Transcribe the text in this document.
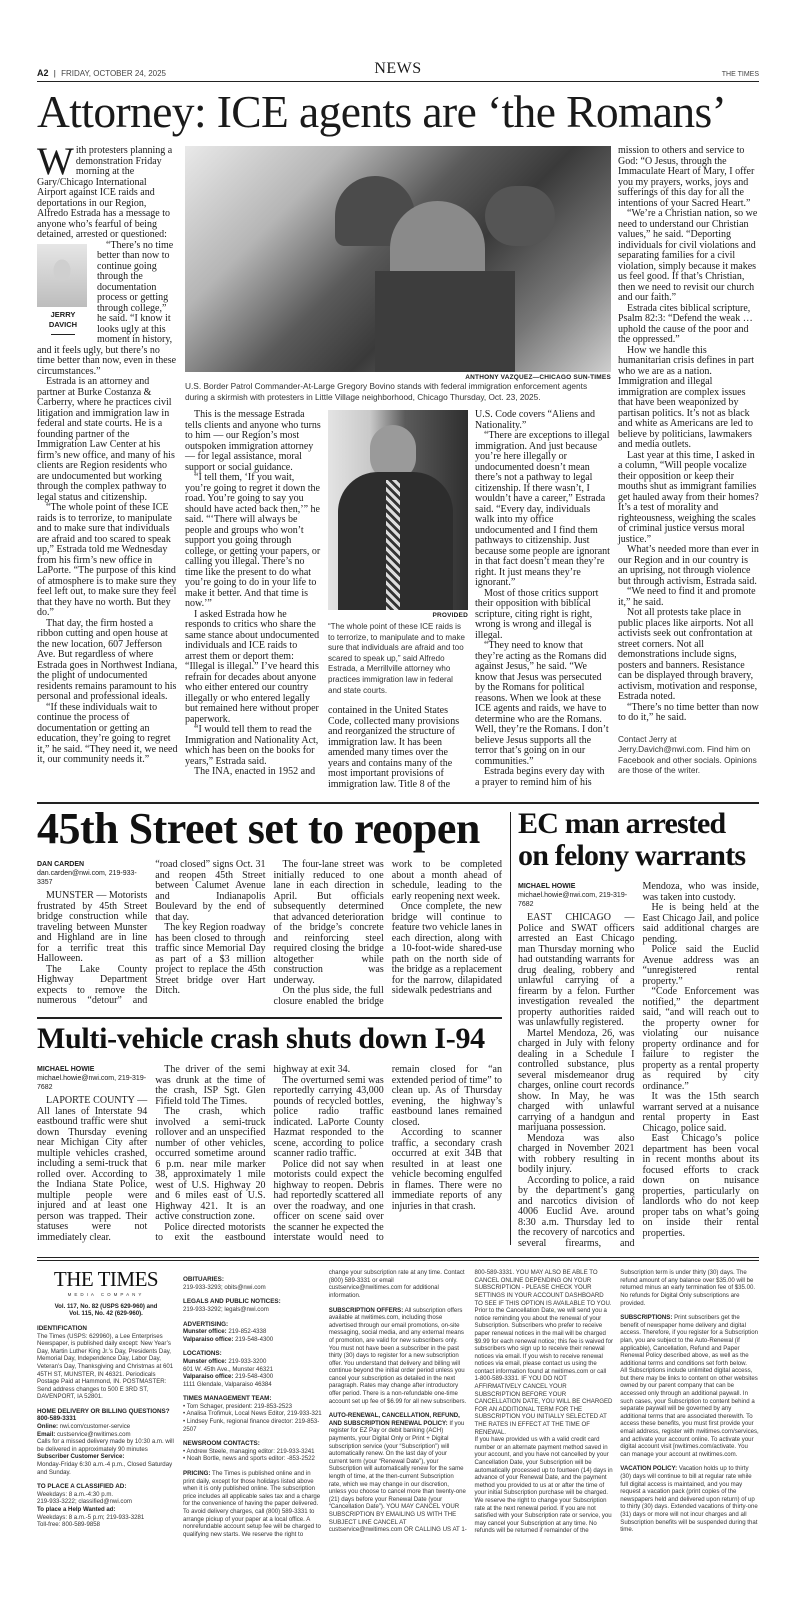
A2 | FRIDAY, OCTOBER 24, 2025	NEWS	THE TIMES
Attorney: ICE agents are ‘the Romans’

With protesters planning a demonstration Friday morning at the Gary/Chicago International Airport against ICE raids and deportations in our Region, Alfredo Estrada has a message to anyone who’s fearful of being detained, arrested or questioned:

JERRY
DAVICH

“There’s no time better than now to continue going through the documentation process or getting through college,” he said. “I know it looks ugly at this moment in history, and it feels ugly, but there’s no time better than now, even in these circumstances.”

Estrada is an attorney and partner at Burke Costanza & Carberry, where he practices civil litigation and immigration law in federal and state courts. He is a founding partner of the Immigration Law Center at his firm’s new office, and many of his clients are Region residents who are undocumented but working through the complex pathway to legal status and citizenship.

“The whole point of these ICE raids is to terrorize, to manipulate and to make sure that individuals are afraid and too scared to speak up,” Estrada told me Wednesday from his firm’s new office in LaPorte. “The purpose of this kind of atmosphere is to make sure they feel left out, to make sure they feel that they have no worth. But they do.”

That day, the firm hosted a ribbon cutting and open house at the new location, 607 Jefferson Ave. But regardless of where Estrada goes in Northwest Indiana, the plight of undocumented residents remains paramount to his personal and professional ideals.

“If these individuals wait to continue the process of documentation or getting an education, they’re going to regret it,” he said. “They need it, we need it, our community needs it.”

ANTHONY VAZQUEZ—CHICAGO SUN-TIMES
U.S. Border Patrol Commander-At-Large Gregory Bovino stands with federal immigration enforcement agents during a skirmish with protesters in Little Village neighborhood, Chicago Thursday, Oct. 23, 2025.

This is the message Estrada tells clients and anyone who turns to him — our Region’s most outspoken immigration attorney — for legal assistance, moral support or social guidance.

“I tell them, ‘If you wait, you’re going to regret it down the road. You’re going to say you should have acted back then,’” he said. “‘There will always be people and groups who won’t support you going through college, or getting your papers, or calling you illegal. There’s no time like the present to do what you’re going to do in your life to make it better. And that time is now.’”

I asked Estrada how he responds to critics who share the same stance about undocumented individuals and ICE raids to arrest them or deport them: “Illegal is illegal.” I’ve heard this refrain for decades about anyone who either entered our country illegally or who entered legally but remained here without proper paperwork.

“I would tell them to read the Immigration and Nationality Act, which has been on the books for years,” Estrada said.

The INA, enacted in 1952 and

PROVIDED
“The whole point of these ICE raids is to terrorize, to manipulate and to make sure that individuals are afraid and too scared to speak up,” said Alfredo Estrada, a Merrillville attorney who practices immigration law in federal and state courts.

contained in the United States Code, collected many provisions and reorganized the structure of immigration law. It has been amended many times over the years and contains many of the most important provisions of immigration law. Title 8 of the

U.S. Code covers “Aliens and Nationality.”

“There are exceptions to illegal immigration. And just because you’re here illegally or undocumented doesn’t mean there’s not a pathway to legal citizenship. If there wasn’t, I wouldn’t have a career,” Estrada said. “Every day, individuals walk into my office undocumented and I find them pathways to citizenship. Just because some people are ignorant in that fact doesn’t mean they’re right. It just means they’re ignorant.”

Most of those critics support their opposition with biblical scripture, citing right is right, wrong is wrong and illegal is illegal.

“They need to know that they’re acting as the Romans did against Jesus,” he said. “We know that Jesus was persecuted by the Romans for political reasons. When we look at these ICE agents and raids, we have to determine who are the Romans. Well, they’re the Romans. I don’t believe Jesus supports all the terror that’s going on in our communities.”

Estrada begins every day with a prayer to remind him of his

mission to others and service to God: “O Jesus, through the Immaculate Heart of Mary, I offer you my prayers, works, joys and sufferings of this day for all the intentions of your Sacred Heart.”

“We’re a Christian nation, so we need to understand our Christian values,” he said. “Deporting individuals for civil violations and separating families for a civil violation, simply because it makes us feel good. If that’s Christian, then we need to revisit our church and our faith.”

Estrada cites biblical scripture, Psalm 82:3: “Defend the weak … uphold the cause of the poor and the oppressed.”

How we handle this humanitarian crisis defines in part who we are as a nation. Immigration and illegal immigration are complex issues that have been weaponized by partisan politics. It’s not as black and white as Americans are led to believe by politicians, lawmakers and media outlets.

Last year at this time, I asked in a column, “Will people vocalize their opposition or keep their mouths shut as immigrant families get hauled away from their homes? It’s a test of morality and righteousness, weighing the scales of criminal justice versus moral justice.”

What’s needed more than ever in our Region and in our country is an uprising, not through violence but through activism, Estrada said.

“We need to find it and promote it,” he said.

Not all protests take place in public places like airports. Not all activists seek out confrontation at street corners. Not all demonstrations include signs, posters and banners. Resistance can be displayed through bravery, activism, motivation and response, Estrada noted.

“There’s no time better than now to do it,” he said.

Contact Jerry at Jerry.Davich@nwi.com. Find him on Facebook and other socials. Opinions are those of the writer.

45th Street set to reopen
DAN CARDEN
dan.carden@nwi.com, 219-933-3357

MUNSTER — Motorists frustrated by 45th Street bridge construction while traveling between Munster and Highland are in line for a terrific treat this Halloween.

The Lake County Highway Department expects to remove the numerous “detour” and “road closed” signs Oct. 31 and reopen 45th Street between Calumet Avenue and Indianapolis Boulevard by the end of that day.

The key Region roadway has been closed to through traffic since Memorial Day as part of a $3 million project to replace the 45th Street bridge over Hart Ditch.

The four-lane street was initially reduced to one lane in each direction in April. But officials subsequently determined that advanced deterioration of the bridge’s concrete and reinforcing steel required closing the bridge altogether while construction was underway.

On the plus side, the full closure enabled the bridge work to be completed about a month ahead of schedule, leading to the early reopening next week.

Once complete, the new bridge will continue to feature two vehicle lanes in each direction, along with a 10-foot-wide shared-use path on the north side of the bridge as a replacement for the narrow, dilapidated sidewalk pedestrians and

Multi-vehicle crash shuts down I-94
MICHAEL HOWIE
michael.howie@nwi.com, 219-319-7682

LAPORTE COUNTY — All lanes of Interstate 94 eastbound traffic were shut down Thursday evening near Michigan City after multiple vehicles crashed, including a semi-truck that rolled over. According to the Indiana State Police, multiple people were injured and at least one person was trapped. Their statuses were not immediately clear.

The driver of the semi was drunk at the time of the crash, ISP Sgt. Glen Fifield told The Times.

The crash, which involved a semi-truck rollover and an unspecified number of other vehicles, occurred sometime around 6 p.m. near mile marker 38, approximately 1 mile west of U.S. Highway 20 and 6 miles east of U.S. Highway 421. It is an active construction zone.

Police directed motorists to exit the eastbound highway at exit 34.

The overturned semi was reportedly carrying 43,000 pounds of recycled bottles, police radio traffic indicated. LaPorte County Hazmat responded to the scene, according to police scanner radio traffic.

Police did not say when motorists could expect the highway to reopen. Debris had reportedly scattered all over the roadway, and one officer on scene said over the scanner he expected the interstate would need to remain closed for “an extended period of time” to clean up. As of Thursday evening, the highway’s eastbound lanes remained closed.

According to scanner traffic, a secondary crash occurred at exit 34B that resulted in at least one vehicle becoming engulfed in flames. There were no immediate reports of any injuries in that crash.

EC man arrested
on felony warrants
MICHAEL HOWIE
michael.howie@nwi.com, 219-319-7682

EAST CHICAGO — Police and SWAT officers arrested an East Chicago man Thursday morning who had outstanding warrants for drug dealing, robbery and unlawful carrying of a firearm by a felon. Further investigation revealed the property authorities raided was unlawfully registered.

Martel Mendoza, 26, was charged in July with felony dealing in a Schedule I controlled substance, plus several misdemeanor drug charges, online court records show. In May, he was charged with unlawful carrying of a handgun and marijuana possession.

Mendoza was also charged in November 2021 with robbery resulting in bodily injury.

According to police, a raid by the department’s gang and narcotics division of 4006 Euclid Ave. around 8:30 a.m. Thursday led to the recovery of narcotics and several firearms, and Mendoza, who was inside, was taken into custody.

He is being held at the East Chicago Jail, and police said additional charges are pending.

Police said the Euclid Avenue address was an “unregistered rental property.”

“Code Enforcement was notified,” the department said, “and will reach out to the property owner for violating our nuisance property ordinance and for failure to register the property as a rental property as required by city ordinance.”

It was the 15th search warrant served at a nuisance rental property in East Chicago, police said.

East Chicago’s police department has been vocal in recent months about its focused efforts to crack down on nuisance properties, particularly on landlords who do not keep proper tabs on what’s going on inside their rental properties.

THE TIMES
MEDIA COMPANY
Vol. 117, No. 82 (USPS 629-960) and Vol. 115, No. 42 (629-960).
IDENTIFICATION

The Times (USPS: 629960), a Lee Enterprises Newspaper, is published daily except: New Year’s Day, Martin Luther King Jr.’s Day, Presidents Day, Memorial Day, Independence Day, Labor Day, Veteran’s Day, Thanksgiving and Christmas at 601 45TH ST, MUNSTER, IN 46321. Periodicals Postage Paid at Hammond, IN. POSTMASTER: Send address changes to 500 E 3RD ST, DAVENPORT, IA 52801.

HOME DELIVERY OR BILLING QUESTIONS? 800-589-3331

Online: nwi.com/customer-service

Email: custservice@nwitimes.com

Calls for a missed delivery made by 10:30 a.m. will be delivered in approximately 90 minutes

Subscriber Customer Service:

Monday-Friday 6:30 a.m.-4 p.m., Closed Saturday and Sunday.

TO PLACE A CLASSIFIED AD:

Weekdays: 8 a.m.-4:30 p.m.

219-933-3222; classified@nwi.com

To place a Help Wanted ad:

Weekdays: 8 a.m.-5 p.m; 219-933-3281

Toll-free: 800-589-9858

OBITUARIES:

219-933-3293; obits@nwi.com

LEGALS AND PUBLIC NOTICES:

219-933-3292; legals@nwi.com

ADVERTISING:

Munster office: 219-852-4338

Valparaiso office: 219-548-4300

LOCATIONS:

Munster office: 219-933-3200

601 W. 45th Ave., Munster 46321

Valparaiso office: 219-548-4300

1111 Glendale, Valparaiso 46384

TIMES MANAGEMENT TEAM:

• Tom Schager, president: 219-853-2523

• Analisa Trofimuk, Local News Editor, 219-933-321

• Lindsey Funk, regional finance director: 219-853-2507

NEWSROOM CONTACTS:

• Andrew Steele, managing editor: 219-933-3241

• Noah Bortle, news and sports editor: -853-2522

PRICING: The Times is published online and in print daily, except for those holidays listed above when it is only published online. The subscription price includes all applicable sales tax and a charge for the convenience of having the paper delivered. To avoid delivery charges, call (800) 589-3331 to arrange pickup of your paper at a local office. A nonrefundable account setup fee will be charged to qualifying new starts. We reserve the right to change your subscription rate at any time. Contact (800) 589-3331 or email custservice@nwitimes.com for additional information.

SUBSCRIPTION OFFERS: All subscription offers available at nwitimes.com, including those advertised through our email promotions, on-site messaging, social media, and any external means of promotion, are valid for new subscribers only. You must not have been a subscriber in the past thirty (30) days to register for a new subscription offer. You understand that delivery and billing will continue beyond the initial order period unless you cancel your subscription as detailed in the next paragraph. Rates may change after introductory offer period. There is a non-refundable one-time account set up fee of $6.99 for all new subscribers.

AUTO-RENEWAL, CANCELLATION, REFUND, AND SUBSCRIPTION RENEWAL POLICY: If you register for EZ Pay or debit banking (ACH) payments, your Digital Only or Print + Digital subscription service (your “Subscription”) will automatically renew. On the last day of your current term (your “Renewal Date”), your Subscription will automatically renew for the same length of time, at the then-current Subscription rate, which we may change in our discretion, unless you choose to cancel more than twenty-one (21) days before your Renewal Date (your “Cancellation Date”). YOU MAY CANCEL YOUR SUBSCRIPTION BY EMAILING US WITH THE SUBJECT LINE CANCEL AT custservice@nwitimes.com OR CALLING US AT 1-800-589-3331. YOU MAY ALSO BE ABLE TO CANCEL ONLINE DEPENDING ON YOUR SUBSCRIPTION - PLEASE CHECK YOUR SETTINGS IN YOUR ACCOUNT DASHBOARD TO SEE IF THIS OPTION IS AVAILABLE TO YOU.

Prior to the Cancellation Date, we will send you a notice reminding you about the renewal of your Subscription. Subscribers who prefer to receive paper renewal notices in the mail will be charged $9.99 for each renewal notice; this fee is waived for subscribers who sign up to receive their renewal notices via email. If you wish to receive renewal notices via email, please contact us using the contact information found at nwitimes.com or call 1-800-589-3331. IF YOU DO NOT AFFIRMATIVELY CANCEL YOUR SUBSCRIPTION BEFORE YOUR CANCELLATION DATE, YOU WILL BE CHARGED FOR AN ADDITIONAL TERM FOR THE SUBSCRIPTION YOU INITIALLY SELECTED AT THE RATES IN EFFECT AT THE TIME OF RENEWAL.

If you have provided us with a valid credit card number or an alternate payment method saved in your account, and you have not cancelled by your Cancellation Date, your Subscription will be automatically processed up to fourteen (14) days in advance of your Renewal Date, and the payment method you provided to us at or after the time of your initial Subscription purchase will be charged.

We reserve the right to change your Subscription rate at the next renewal period. If you are not satisfied with your Subscription rate or service, you may cancel your Subscription at any time. No refunds will be returned if remainder of the Subscription term is under thirty (30) days. The refund amount of any balance over $35.00 will be returned minus an early termination fee of $35.00. No refunds for Digital Only subscriptions are provided.

SUBSCRIPTIONS: Print subscribers get the benefit of newspaper home delivery and digital access. Therefore, if you register for a Subscription plan, you are subject to the Auto-Renewal (if applicable), Cancellation, Refund and Paper Renewal Policy described above, as well as the additional terms and conditions set forth below.

All Subscriptions include unlimited digital access, but there may be links to content on other websites owned by our parent company that can be accessed only through an additional paywall. In such cases, your Subscription to content behind a separate paywall will be governed by any additional terms that are associated therewith. To access these benefits, you must first provide your email address, register with nwitimes.com/services, and activate your account online. To activate your digital account visit [nwitimes.com/activate. You can manage your account at nwitimes.com.

VACATION POLICY: Vacation holds up to thirty (30) days will continue to bill at regular rate while full digital access is maintained, and you may request a vacation pack (print copies of the newspapers held and delivered upon return) of up to thirty (30) days. Extended vacations of thirty-one (31) days or more will not incur charges and all Subscription benefits will be suspended during that time.
